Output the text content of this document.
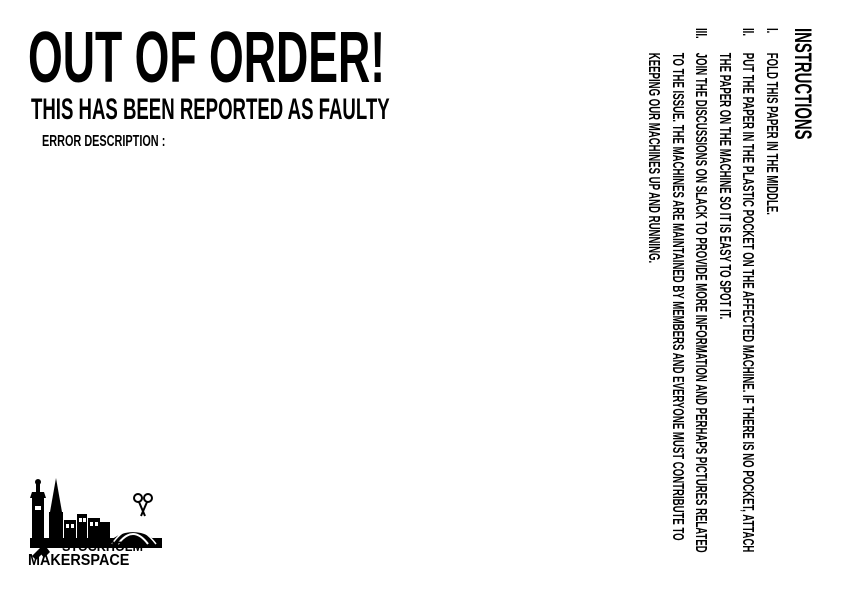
OUT OF ORDER!
THIS HAS BEEN REPORTED AS FAULTY

ERROR DESCRIPTION :

INSTRUCTIONS
I.
FOLD THIS PAPER IN THE MIDDLE.
II.
PUT THE PAPER IN THE PLASTIC POCKET ON THE AFFECTED MACHINE. IF THERE IS NO POCKET, ATTACH THE PAPER ON THE MACHINE SO IT IS EASY TO SPOT IT.
III.
JOIN THE DISCUSSIONS ON SLACK TO PROVIDE MORE INFORMATION AND PERHAPS PICTURES RELATED TO THE ISSUE. THE MACHINES ARE MAINTAINED BY MEMBERS AND EVERYONE MUST CONTRIBUTE TO KEEPING OUR MACHINES UP AND RUNNING.

STOCKHOLM

MAKERSPACE
